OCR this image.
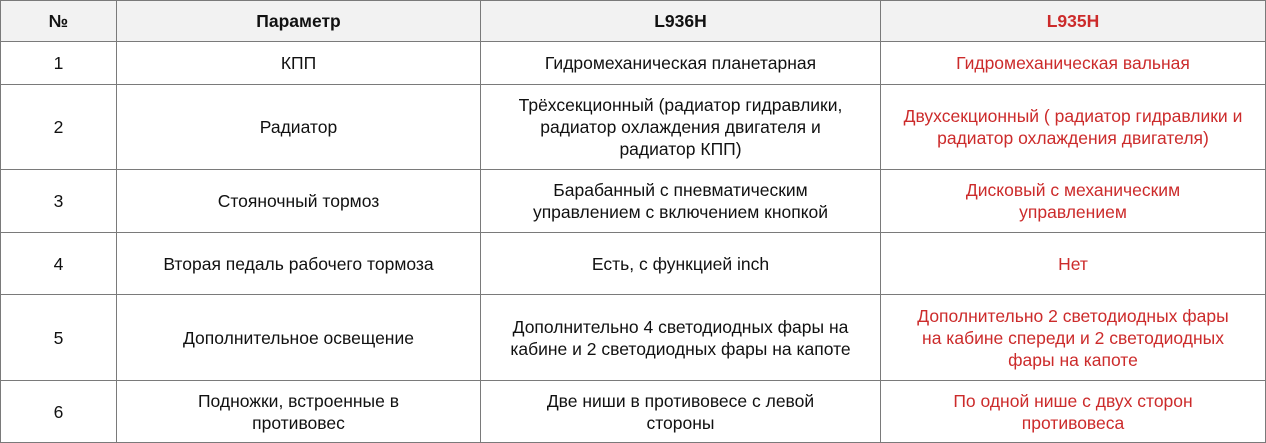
№	Параметр	L936H	L935H
1	КПП	Гидромеханическая планетарная	Гидромеханическая вальная
2	Радиатор	Трёхсекционный (радиатор гидравлики, радиатор охлаждения двигателя и радиатор КПП)	Двухсекционный ( радиатор гидравлики и радиатор охлаждения двигателя)
3	Стояночный тормоз	Барабанный с пневматическим управлением с включением кнопкой	Дисковый с механическим управлением
4	Вторая педаль рабочего тормоза	Есть, с функцией inch	Нет
5	Дополнительное освещение	Дополнительно 4 светодиодных фары на кабине и 2 светодиодных фары на капоте	Дополнительно 2 светодиодных фары на кабине спереди и 2 светодиодных фары на капоте
6	Подножки, встроенные в противовес	Две ниши в противовесе с левой стороны	По одной нише с двух сторон противовеса
